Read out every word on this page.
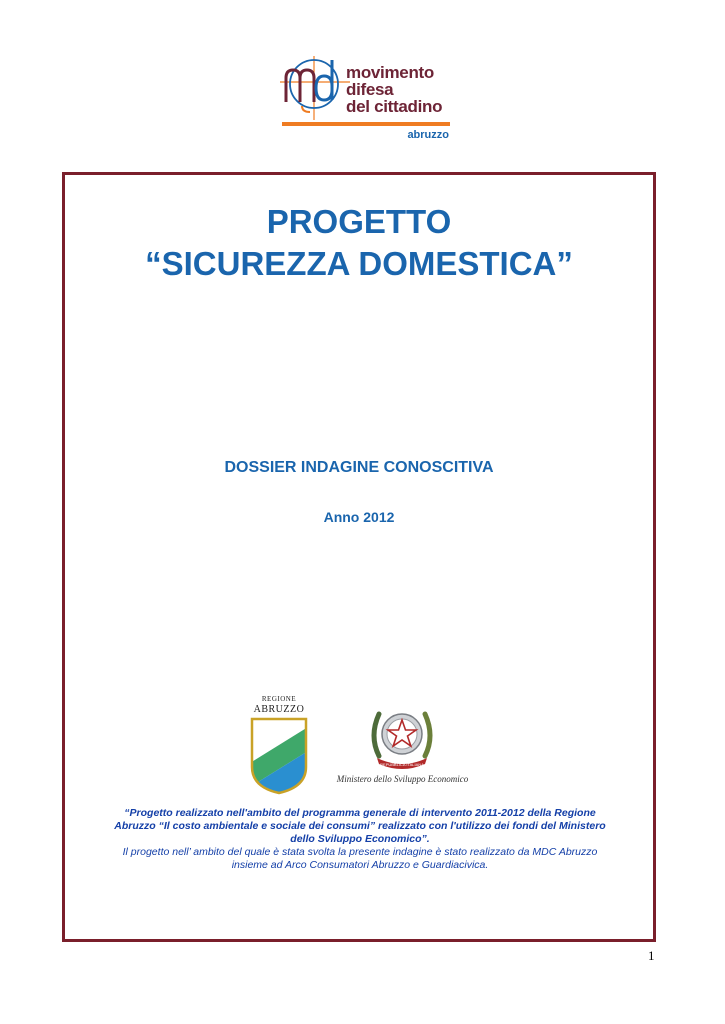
mdc
movimento
difesa
del cittadino
abruzzo
PROGETTO
“SICUREZZA DOMESTICA”
DOSSIER INDAGINE CONOSCITIVA
Anno 2012
REGIONE
ABRUZZO
REPUBBLICA ITALIANA
Ministero dello Sviluppo Economico
“Progetto realizzato nell'ambito del programma generale di intervento 2011-2012 della Regione
Abruzzo “Il costo ambientale e sociale dei consumi” realizzato con l'utilizzo dei fondi del Ministero
dello Sviluppo Economico”.
Il progetto nell’ ambito del quale è stata svolta la presente indagine è stato realizzato da MDC Abruzzo
insieme ad Arco Consumatori Abruzzo e Guardiacivica.
1
